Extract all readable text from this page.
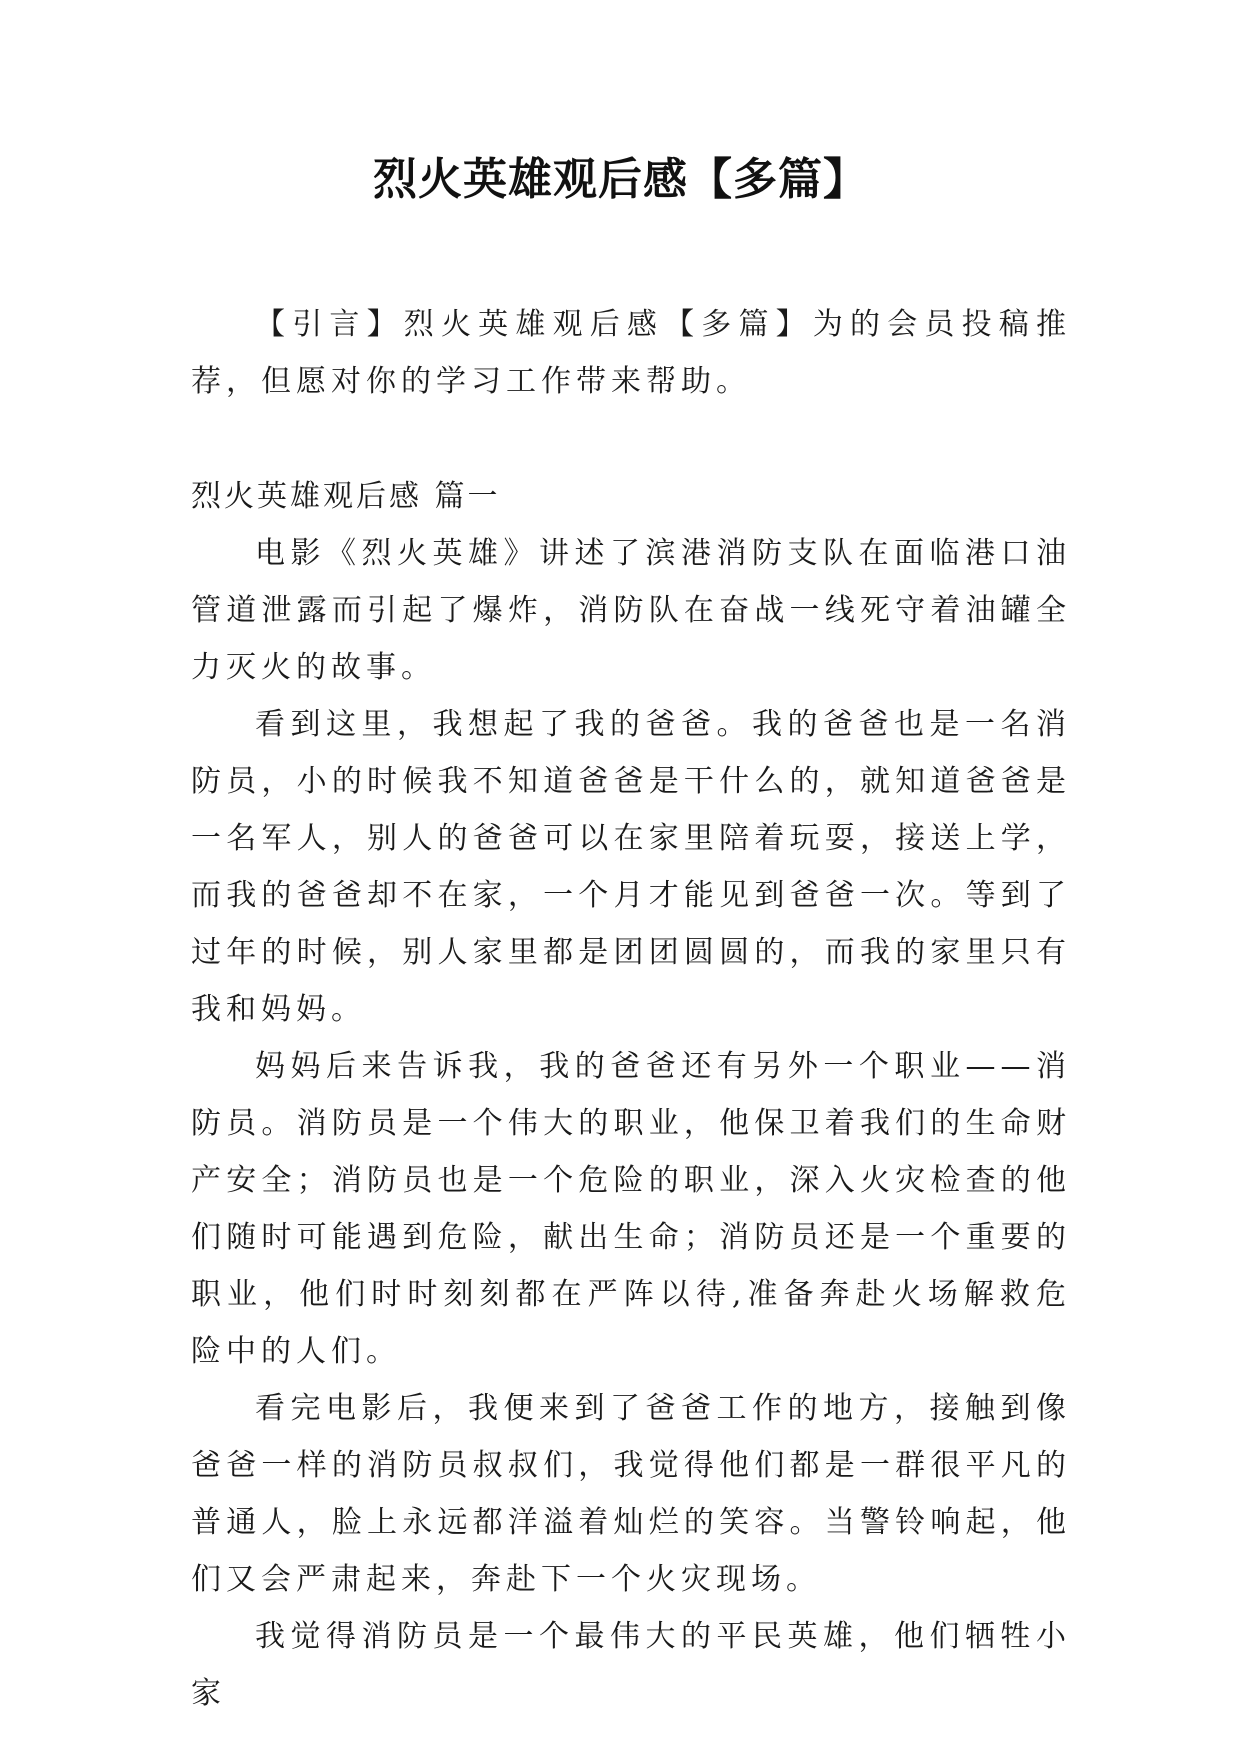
烈火英雄观后感【多篇】

【引言】烈火英雄观后感【多篇】为的会员投稿推荐，但愿对你的学习工作带来帮助。

烈火英雄观后感 篇一

电影《烈火英雄》讲述了滨港消防支队在面临港口油管道泄露而引起了爆炸，消防队在奋战一线死守着油罐全力灭火的故事。

看到这里，我想起了我的爸爸。我的爸爸也是一名消防员，小的时候我不知道爸爸是干什么的，就知道爸爸是一名军人，别人的爸爸可以在家里陪着玩耍，接送上学，而我的爸爸却不在家，一个月才能见到爸爸一次。等到了过年的时候，别人家里都是团团圆圆的，而我的家里只有我和妈妈。

妈妈后来告诉我，我的爸爸还有另外一个职业——消防员。消防员是一个伟大的职业，他保卫着我们的生命财产安全；消防员也是一个危险的职业，深入火灾检查的他们随时可能遇到危险，献出生命；消防员还是一个重要的职业，他们时时刻刻都在严阵以待,准备奔赴火场解救危险中的人们。

看完电影后，我便来到了爸爸工作的地方，接触到像爸爸一样的消防员叔叔们，我觉得他们都是一群很平凡的普通人，脸上永远都洋溢着灿烂的笑容。当警铃响起，他们又会严肃起来，奔赴下一个火灾现场。

我觉得消防员是一个最伟大的平民英雄，他们牺牲小家
